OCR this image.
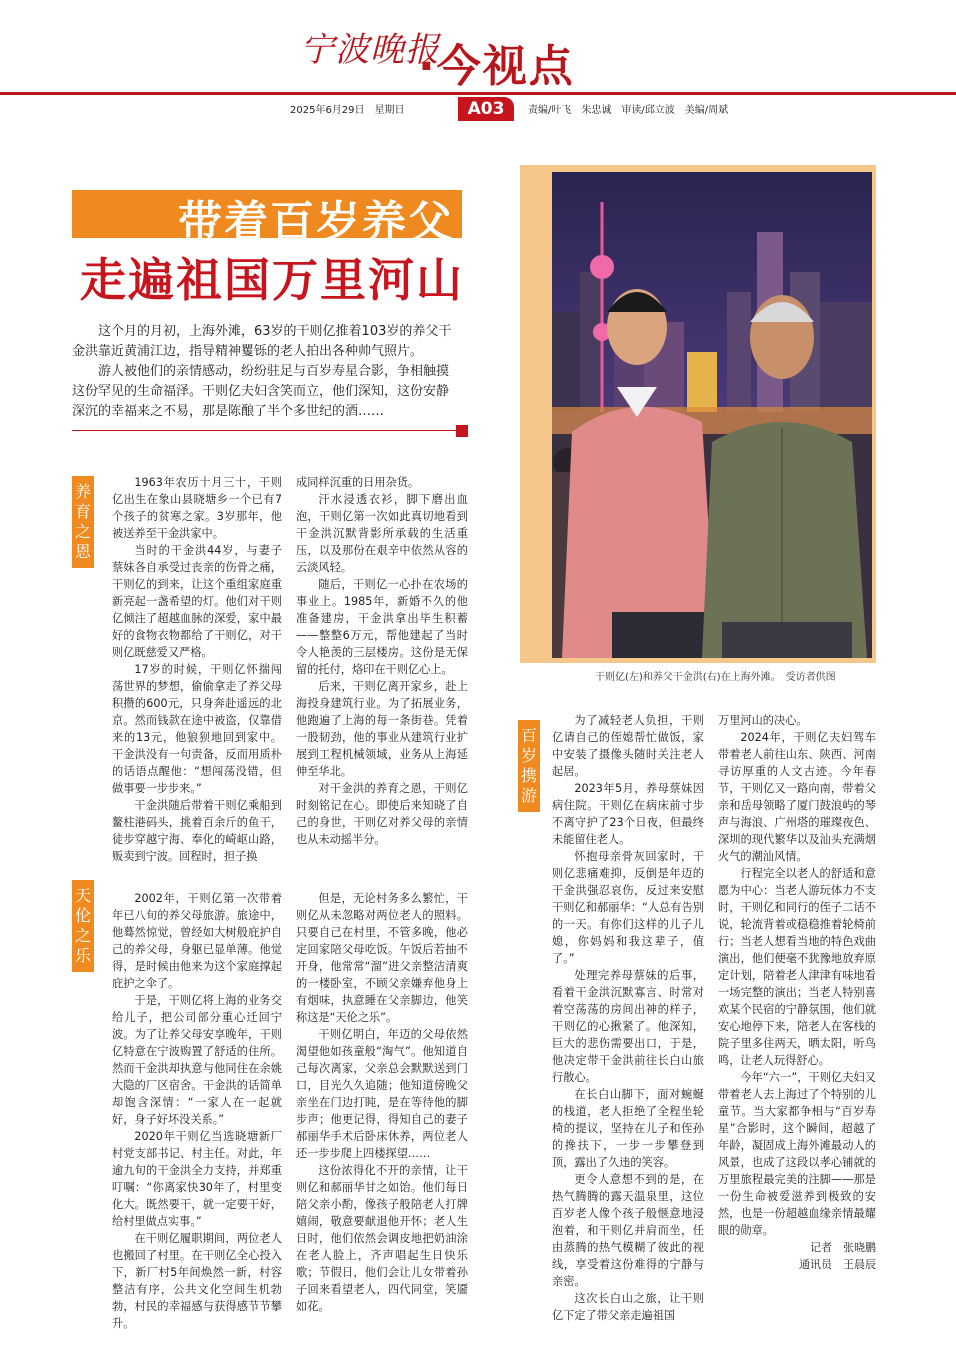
宁波晚报
·今视点
2025年6月29日　星期日	A03	责编/叶飞　朱忠诚　审读/邱立波　美编/周斌
带着百岁养父
走遍祖国万里河山

这个月的月初，上海外滩，63岁的干则亿推着103岁的养父干金洪靠近黄浦江边，指导精神矍铄的老人拍出各种帅气照片。

游人被他们的亲情感动，纷纷驻足与百岁寿星合影，争相触摸这份罕见的生命福泽。干则亿夫妇含笑而立，他们深知，这份安静深沉的幸福来之不易，那是陈酿了半个多世纪的酒……

干则亿(左)和养父干金洪(右)在上海外滩。　受访者供图
养育之恩
天伦之乐
百岁携游

1963年农历十月三十，干则亿出生在象山县晓塘乡一个已有7个孩子的贫寒之家。3岁那年，他被送养至干金洪家中。

当时的干金洪44岁，与妻子蔡妹各自承受过丧亲的伤骨之痛，干则亿的到来，让这个重组家庭重新亮起一盏希望的灯。他们对干则亿倾注了超越血脉的深爱，家中最好的食物衣物都给了干则亿，对干则亿既慈爱又严格。

17岁的时候，干则亿怀揣闯荡世界的梦想，偷偷拿走了养父母积攒的600元，只身奔赴遥远的北京。然而钱款在途中被盗，仅靠借来的13元，他狼狈地回到家中。干金洪没有一句责备，反而用质朴的话语点醒他：“想闯荡没错，但做事要一步步来。”

干金洪随后带着干则亿乘船到鳌柱港码头，挑着百余斤的鱼干，徒步穿越宁海、奉化的崎岖山路，贩卖到宁波。回程时，担子换

成同样沉重的日用杂货。

汗水浸透衣衫，脚下磨出血泡，干则亿第一次如此真切地看到干金洪沉默背影所承载的生活重压，以及那份在艰辛中依然从容的云淡风轻。

随后，干则亿一心扑在农场的事业上。1985年，新婚不久的他准备建房，干金洪拿出毕生积蓄——整整6万元，帮他建起了当时令人艳羡的三层楼房。这份是无保留的托付，烙印在干则亿心上。

后来，干则亿离开家乡，赴上海投身建筑行业。为了拓展业务，他跑遍了上海的每一条街巷。凭着一股韧劲，他的事业从建筑行业扩展到工程机械领域，业务从上海延伸至华北。

对干金洪的养育之恩，干则亿时刻铭记在心。即使后来知晓了自己的身世，干则亿对养父母的亲情也从未动摇半分。

2002年，干则亿第一次带着年已八旬的养父母旅游。旅途中，他蓦然惊觉，曾经如大树般庇护自己的养父母，身躯已显单薄。他觉得，是时候由他来为这个家庭撑起庇护之伞了。

于是，干则亿将上海的业务交给儿子，把公司部分重心迁回宁波。为了让养父母安享晚年，干则亿特意在宁波购置了舒适的住所。然而干金洪却执意与他同住在余姚大隐的厂区宿舍。干金洪的话简单却饱含深情：“一家人在一起就好，身子好坏没关系。”

2020年干则亿当选晓塘新厂村党支部书记、村主任。对此，年逾九旬的干金洪全力支持，并郑重叮嘱：“你离家快30年了，村里变化大。既然要干，就一定要干好，给村里做点实事。”

在干则亿履职期间，两位老人也搬回了村里。在干则亿全心投入下，新厂村5年间焕然一新，村容整洁有序，公共文化空间生机勃勃，村民的幸福感与获得感节节攀升。

但是，无论村务多么繁忙，干则亿从未忽略对两位老人的照料。只要自己在村里，不管多晚，他必定回家陪父母吃饭。午饭后若抽不开身，他常常“溜”进父亲整洁清爽的一楼卧室，不顾父亲嫌弃他身上有烟味，执意睡在父亲脚边，他笑称这是“天伦之乐”。

干则亿明白，年迈的父母依然渴望他如孩童般“淘气”。他知道自己每次离家，父亲总会默默送到门口，目光久久追随；他知道傍晚父亲坐在门边打盹，是在等待他的脚步声；他更记得，得知自己的妻子郝丽华手术后卧床休养，两位老人还一步步爬上四楼探望……

这份浓得化不开的亲情，让干则亿和郝丽华甘之如饴。他们每日陪父亲小酌，像孩子般陪老人打牌嬉闹，敬意要献退他开怀；老人生日时，他们依然会调皮地把奶油涂在老人脸上，齐声唱起生日快乐歌；节假日，他们会让儿女带着孙子回来看望老人，四代同堂，笑靥如花。

为了减轻老人负担，干则亿请自己的侄媳帮忙做饭，家中安装了摄像头随时关注老人起居。

2023年5月，养母蔡妹因病住院。干则亿在病床前寸步不离守护了23个日夜，但最终未能留住老人。

怀抱母亲骨灰回家时，干则亿悲痛难抑，反倒是年迈的干金洪强忍哀伤，反过来安慰干则亿和郝丽华：“人总有告别的一天。有你们这样的儿子儿媳，你妈妈和我这辈子，值了。”

处理完养母蔡妹的后事，看着干金洪沉默寡言、时常对着空荡荡的房间出神的样子，干则亿的心揪紧了。他深知，巨大的悲伤需要出口，于是，他决定带干金洪前往长白山旅行散心。

在长白山脚下，面对蜿蜒的栈道，老人拒绝了全程坐轮椅的提议，坚持在儿子和侄孙的搀扶下，一步一步攀登到顶，露出了久违的笑容。

更令人意想不到的是，在热气腾腾的露天温泉里，这位百岁老人像个孩子般惬意地浸泡着，和干则亿并肩而坐，任由蒸腾的热气模糊了彼此的视线，享受着这份难得的宁静与亲密。

这次长白山之旅，让干则亿下定了带父亲走遍祖国

万里河山的决心。

2024年，干则亿夫妇驾车带着老人前往山东、陕西、河南寻访厚重的人文古迹。今年春节，干则亿又一路向南，带着父亲和岳母领略了厦门鼓浪屿的琴声与海浪、广州塔的璀璨夜色、深圳的现代繁华以及汕头充满烟火气的潮汕风情。

行程完全以老人的舒适和意愿为中心：当老人游玩体力不支时，干则亿和同行的侄子二话不说，轮流背着或稳稳推着轮椅前行；当老人想看当地的特色戏曲演出，他们便毫不犹豫地放弃原定计划，陪着老人津津有味地看一场完整的演出；当老人特别喜欢某个民宿的宁静氛围，他们就安心地停下来，陪老人在客栈的院子里多住两天，晒太阳，听鸟鸣，让老人玩得舒心。

今年“六一”，干则亿夫妇又带着老人去上海过了个特别的儿童节。当大家都争相与“百岁寿星”合影时，这个瞬间，超越了年龄，凝固成上海外滩最动人的风景，也成了这段以孝心铺就的万里旅程最完美的注脚——那是一份生命被爱滋养到极致的安然，也是一份超越血缘亲情最耀眼的勋章。

记者　张晓鹏
通讯员　王晨辰
